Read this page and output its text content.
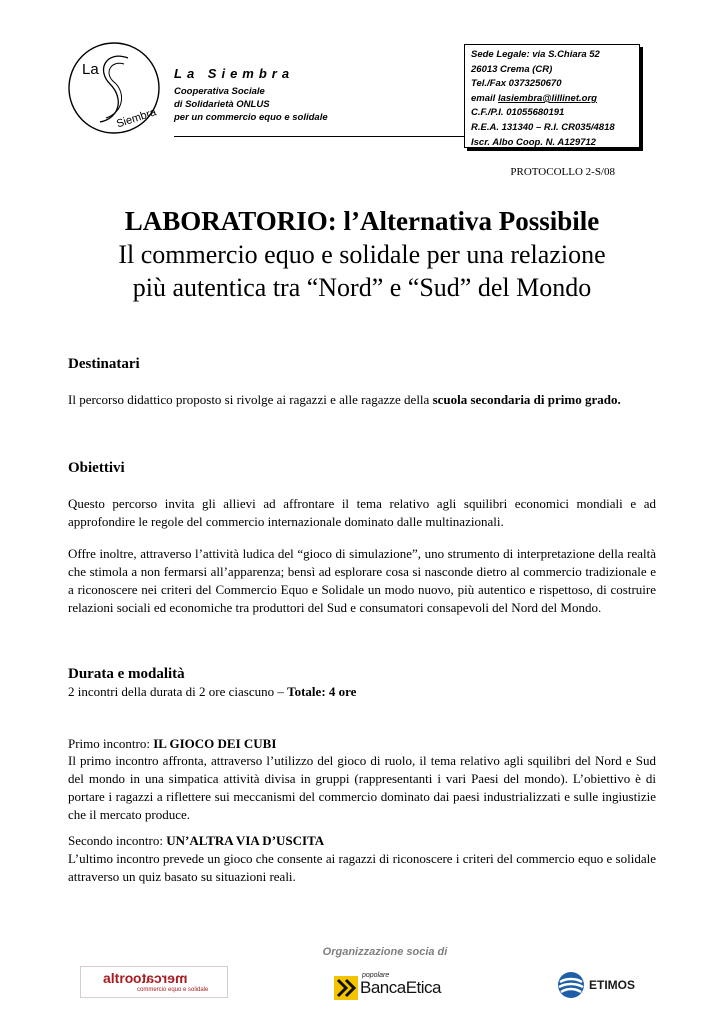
La
Siembra
La Siembra
Cooperativa Sociale
di Solidarietà ONLUS
per un commercio equo e solidale
Sede Legale: via S.Chiara 52
26013 Crema (CR)
Tel./Fax 0373250670
email lasiembra@lillinet.org
C.F./P.I. 01055680191
R.E.A. 131340 – R.I. CR035/4818
Iscr. Albo Coop. N. A129712
PROTOCOLLO 2-S/08
LABORATORIO: l’Alternativa Possibile
Il commercio equo e solidale per una relazione
più autentica tra “Nord” e “Sud” del Mondo
Destinatari

Il percorso didattico proposto si rivolge ai ragazzi e alle ragazze della scuola secondaria di primo grado.

Obiettivi

Questo percorso invita gli allievi ad affrontare il tema relativo agli squilibri economici mondiali e ad approfondire le regole del commercio internazionale dominato dalle multinazionali.

Offre inoltre, attraverso l’attività ludica del “gioco di simulazione”, uno strumento di interpretazione della realtà che stimola a non fermarsi all’apparenza; bensì ad esplorare cosa si nasconde dietro al commercio tradizionale e a riconoscere nei criteri del Commercio Equo e Solidale un modo nuovo, più autentico e rispettoso, di costruire relazioni sociali ed economiche tra produttori del Sud e consumatori consapevoli del Nord del Mondo.

Durata e modalità
2 incontri della durata di 2 ore ciascuno – Totale: 4 ore
Primo incontro: IL GIOCO DEI CUBI

Il primo incontro affronta, attraverso l’utilizzo del gioco di ruolo, il tema relativo agli squilibri del Nord e Sud del mondo in una simpatica attività divisa in gruppi (rappresentanti i vari Paesi del mondo). L’obiettivo è di portare i ragazzi a riflettere sui meccanismi del commercio dominato dai paesi industrializzati e sulle ingiustizie che il mercato produce.

Secondo incontro: UN’ALTRA VIA D’USCITA

L’ultimo incontro prevede un gioco che consente ai ragazzi di riconoscere i criteri del commercio equo e solidale attraverso un quiz basato su situazioni reali.

Organizzazione socia di
altromercato
commercio equo e solidale
popolare
BancaEtica	ETIMOS
